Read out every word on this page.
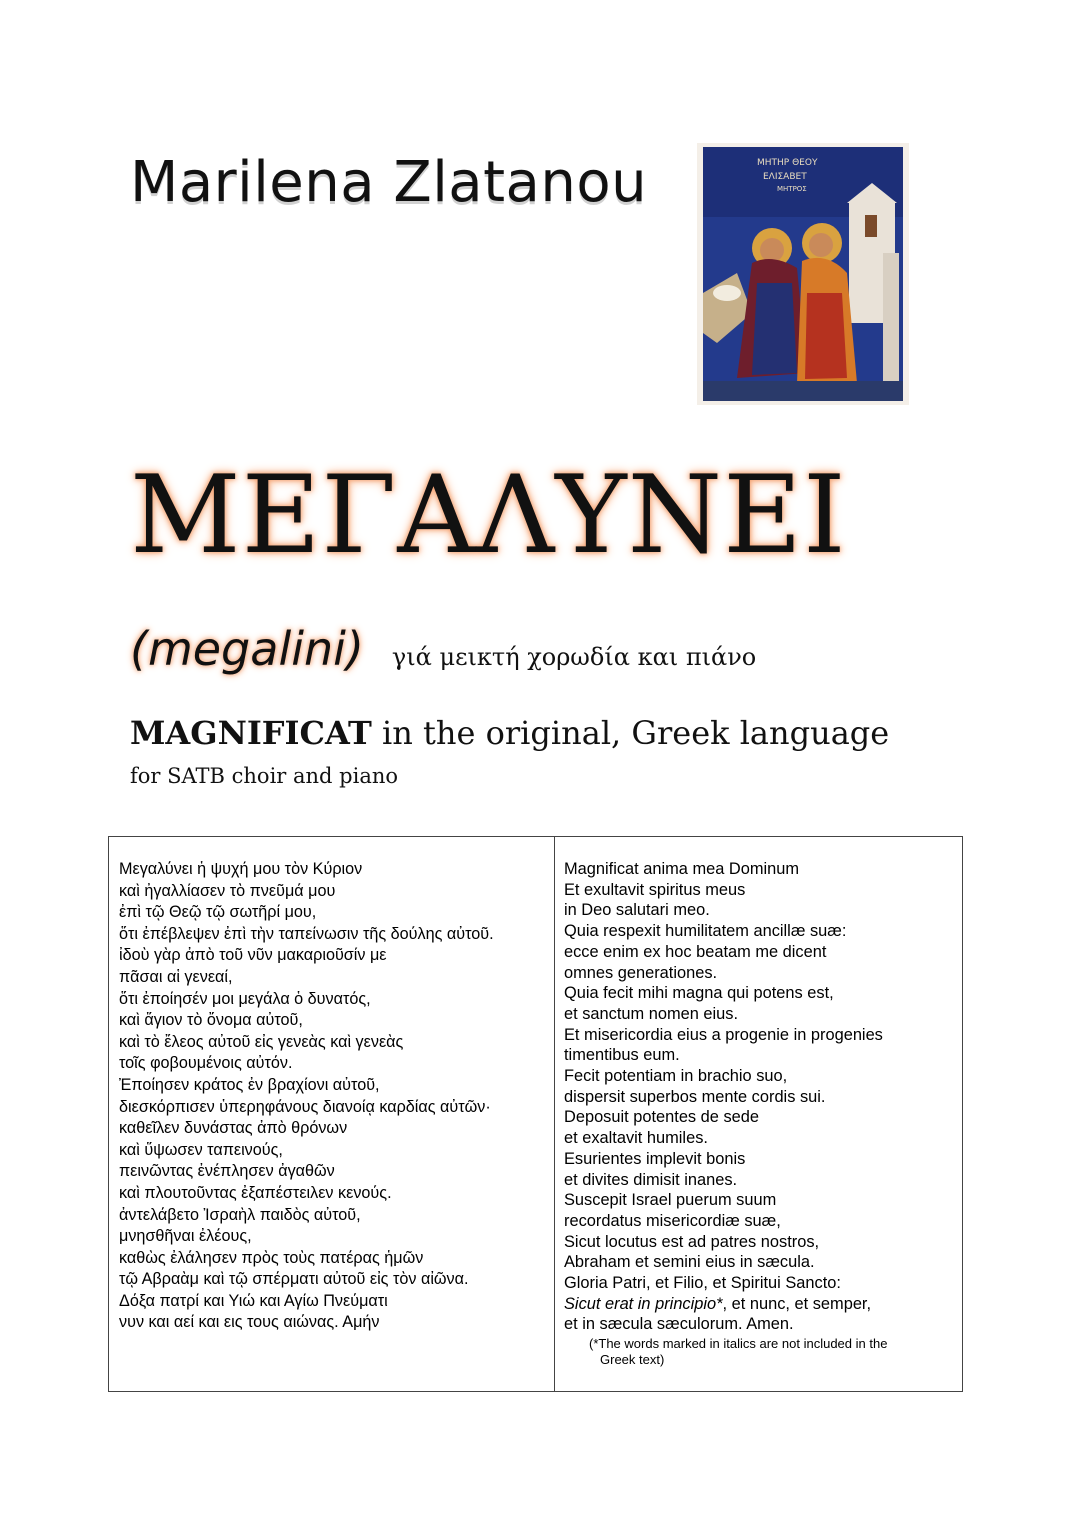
Marilena Zlatanou	ΜΗΤΗΡ ΘΕΟΥ
ΕΛΙΣΑΒΕΤ
ΜΗΤΡΟΣ
ΜΕΓΑΛΥΝΕΙ
(megalini) γιά μεικτή χορωδία και πιάνο
MAGNIFICAT in the original, Greek language
for SATB choir and piano
Μεγαλύνει ἡ ψυχή μου τὸν Κύριον
καὶ ἠγαλλίασεν τὸ πνεῦμά μου
ἐπὶ τῷ Θεῷ τῷ σωτῆρί μου,
ὅτι ἐπέβλεψεν ἐπὶ τὴν ταπείνωσιν τῆς δούλης αὐτοῦ.
ἰδοὺ γὰρ ἀπὸ τοῦ νῦν μακαριοῦσίν με
πᾶσαι αἱ γενεαί,
ὅτι ἐποίησέν μοι μεγάλα ὁ δυνατός,
καὶ ἅγιον τὸ ὄνομα αὐτοῦ,
καὶ τὸ ἔλεος αὐτοῦ εἰς γενεὰς καὶ γενεὰς
τοῖς φοβουμένοις αὐτόν.
Ἐποίησεν κράτος ἐν βραχίονι αὐτοῦ,
διεσκόρπισεν ὑπερηφάνους διανοίᾳ καρδίας αὐτῶν·
καθεῖλεν δυνάστας ἀπὸ θρόνων
καὶ ὕψωσεν ταπεινούς,
πεινῶντας ἐνέπλησεν ἀγαθῶν
καὶ πλουτοῦντας ἐξαπέστειλεν κενούς.
ἀντελάβετο Ἰσραὴλ παιδὸς αὐτοῦ,
μνησθῆναι ἐλέους,
καθὼς ἐλάλησεν πρὸς τοὺς πατέρας ἡμῶν
τῷ Αβραὰμ καὶ τῷ σπέρματι αὐτοῦ εἰς τὸν αἰῶνα.
Δόξα πατρί και Υιώ και Αγίω Πνεύματι
νυν και αεί και εις τους αιώνας. Αμήν
Magnificat anima mea Dominum
Et exultavit spiritus meus
in Deo salutari meo.
Quia respexit humilitatem ancillæ suæ:
ecce enim ex hoc beatam me dicent
omnes generationes.
Quia fecit mihi magna qui potens est,
et sanctum nomen eius.
Et misericordia eius a progenie in progenies
timentibus eum.
Fecit potentiam in brachio suo,
dispersit superbos mente cordis sui.
Deposuit potentes de sede
et exaltavit humiles.
Esurientes implevit bonis
et divites dimisit inanes.
Suscepit Israel puerum suum
recordatus misericordiæ suæ,
Sicut locutus est ad patres nostros,
Abraham et semini eius in sæcula.
Gloria Patri, et Filio, et Spiritui Sancto:
Sicut erat in principio*, et nunc, et semper,
et in sæcula sæculorum. Amen.
(*The words marked in italics are not included in the
Greek text)
